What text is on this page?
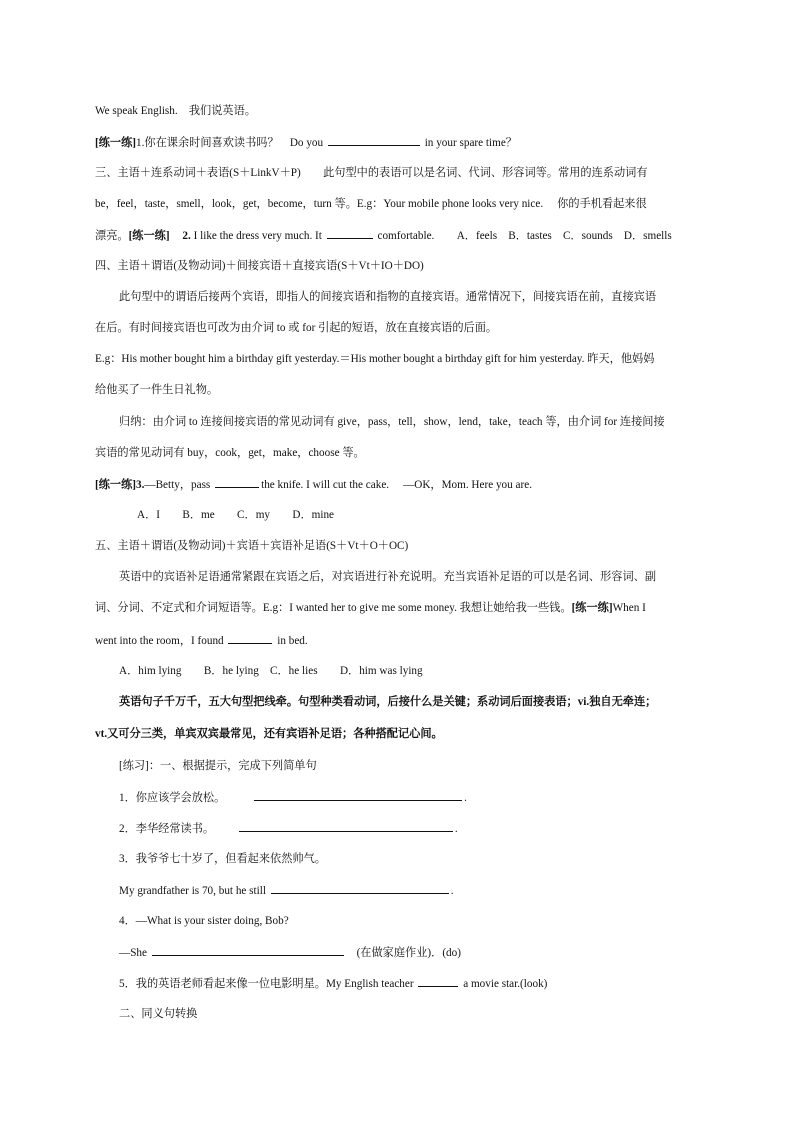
We speak English.　我们说英语。
[练一练]1.你在课余时间喜欢读书吗？　Do you	in your spare time？
三、主语＋连系动词＋表语(S＋LinkV＋P)　　此句型中的表语可以是名词、代词、形容词等。常用的连系动词有
be，feel，taste，smell，look，get，become，turn 等。E.g：Your mobile phone looks very nice.　 你的手机看起来很
漂亮。[练一练] 2. I like the dress very much. It	comfortable.　　A．feels　B．tastes　C．sounds　D．smells
四、主语＋谓语(及物动词)＋间接宾语＋直接宾语(S＋Vt＋IO＋DO)
此句型中的谓语后接两个宾语，即指人的间接宾语和指物的直接宾语。通常情况下，间接宾语在前，直接宾语
在后。有时间接宾语也可改为由介词 to 或 for 引起的短语，放在直接宾语的后面。
E.g：His mother bought him a birthday gift yesterday.＝His mother bought a birthday gift for him yesterday. 昨天，他妈妈
给他买了一件生日礼物。
归纳：由介词 to 连接间接宾语的常见动词有 give，pass，tell，show，lend，take，teach 等，由介词 for 连接间接
宾语的常见动词有 buy，cook，get，make，choose 等。
[练一练]3.—Betty，pass	the knife. I will cut the cake.　 —OK，Mom. Here you are.
A．I　　B．me　　C．my　　D．mine
五、主语＋谓语(及物动词)＋宾语＋宾语补足语(S＋Vt＋O＋OC)
英语中的宾语补足语通常紧跟在宾语之后，对宾语进行补充说明。充当宾语补足语的可以是名词、形容词、副
词、分词、不定式和介词短语等。E.g：I wanted her to give me some money. 我想让她给我一些钱。[练一练]When I
went into the room，I found	in bed.
A．him lying　　B．he lying　C．he lies　　D．him was lying
英语句子千万千，五大句型把线牵。句型种类看动词，后接什么是关键；系动词后面接表语；vi.独自无牵连；
vt.又可分三类，单宾双宾最常见，还有宾语补足语；各种搭配记心间。
[练习]：一、根据提示，完成下列简单句
1．你应该学会放松。	.
2．李华经常读书。	.
3．我爷爷七十岁了，但看起来依然帅气。
My grandfather is 70, but he still	.
4．—What is your sister doing, Bob?
—She	(在做家庭作业)．(do)
5．我的英语老师看起来像一位电影明星。My English teacher	a movie star.(look)
二、同义句转换
